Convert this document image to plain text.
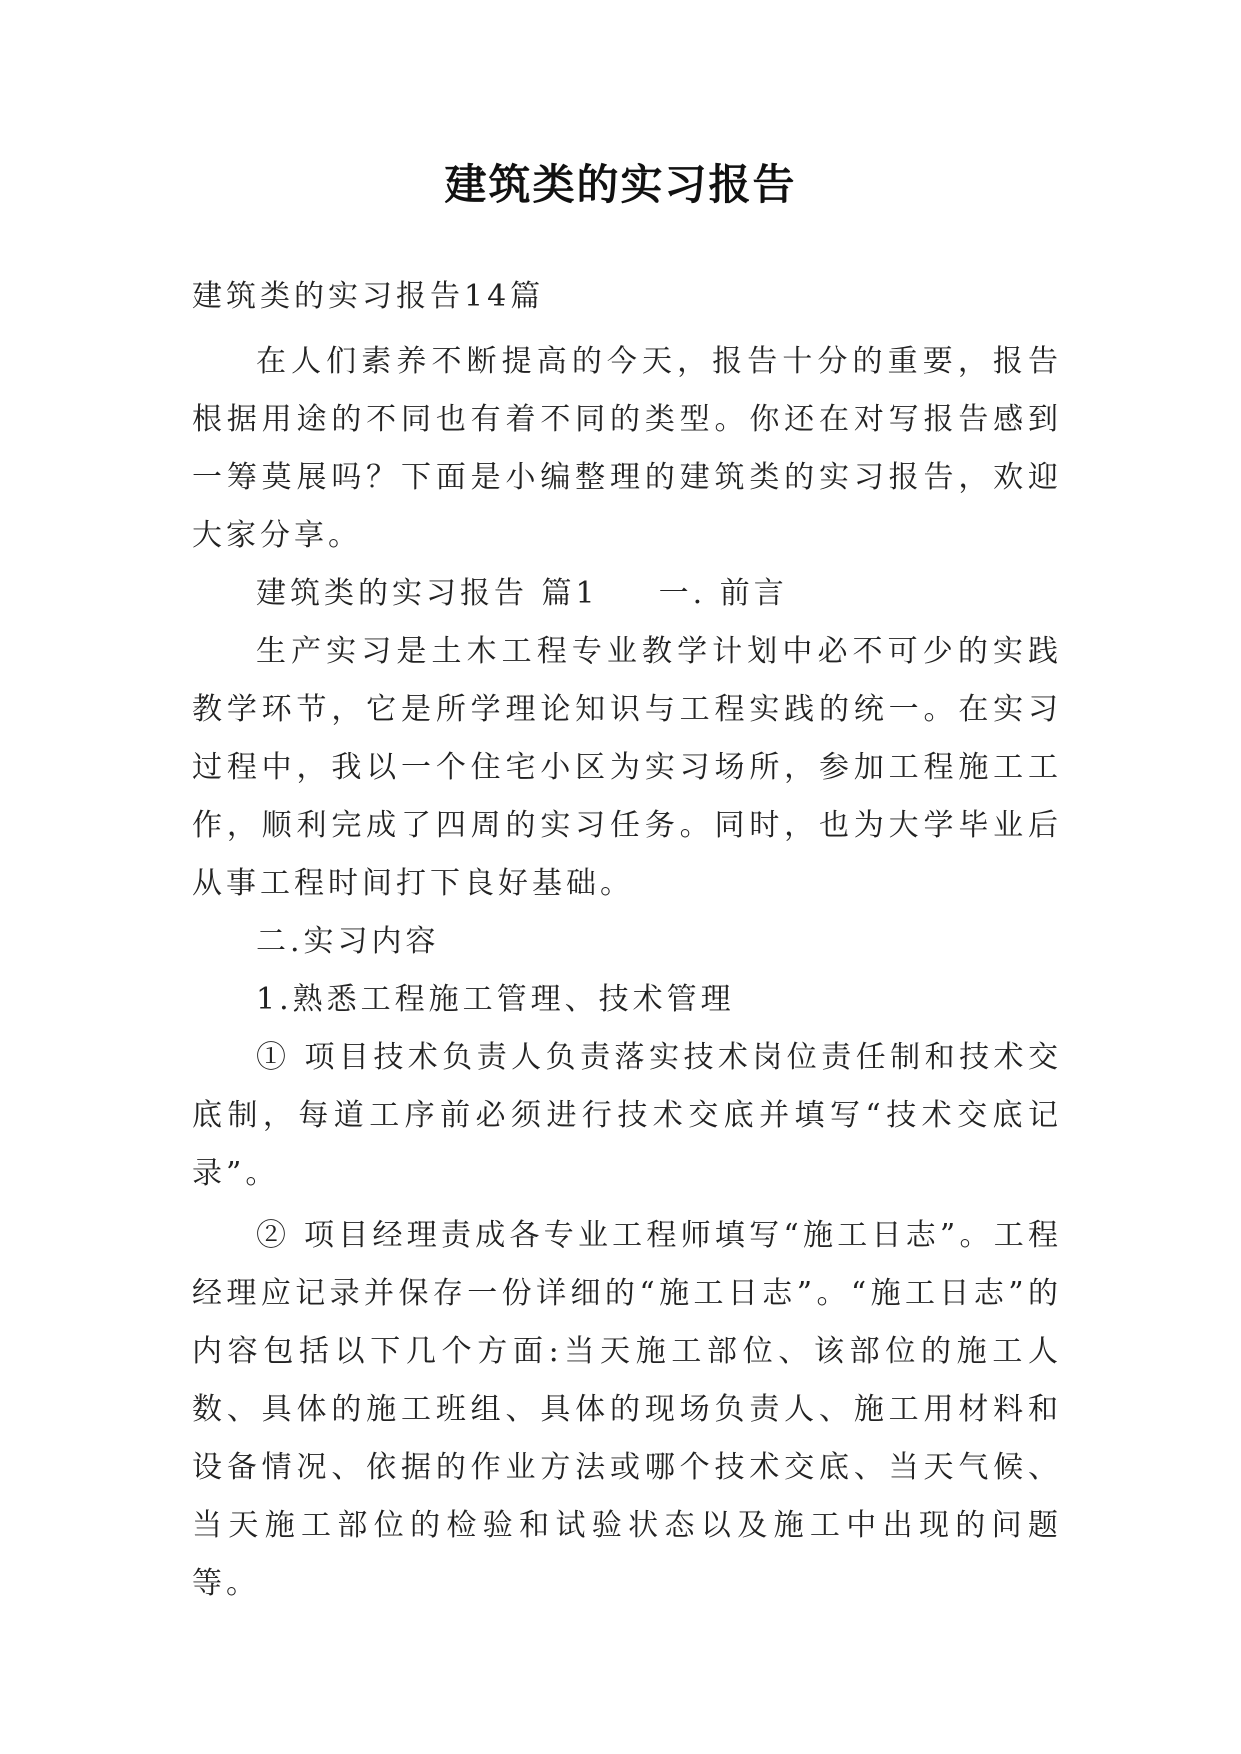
建筑类的实习报告

建筑类的实习报告14篇

在人们素养不断提高的今天，报告十分的重要，报告根据用途的不同也有着不同的类型。你还在对写报告感到一筹莫展吗？下面是小编整理的建筑类的实习报告，欢迎大家分享。

建筑类的实习报告 篇1 一. 前言

生产实习是土木工程专业教学计划中必不可少的实践教学环节，它是所学理论知识与工程实践的统一。在实习过程中，我以一个住宅小区为实习场所，参加工程施工工作，顺利完成了四周的实习任务。同时，也为大学毕业后从事工程时间打下良好基础。

二.实习内容

1.熟悉工程施工管理、技术管理

① 项目技术负责人负责落实技术岗位责任制和技术交底制，每道工序前必须进行技术交底并填写“技术交底记录”。

② 项目经理责成各专业工程师填写“施工日志”。工程经理应记录并保存一份详细的“施工日志”。“施工日志”的内容包括以下几个方面:当天施工部位、该部位的施工人数、具体的施工班组、具体的现场负责人、施工用材料和设备情况、依据的作业方法或哪个技术交底、当天气候、当天施工部位的检验和试验状态以及施工中出现的问题等。
